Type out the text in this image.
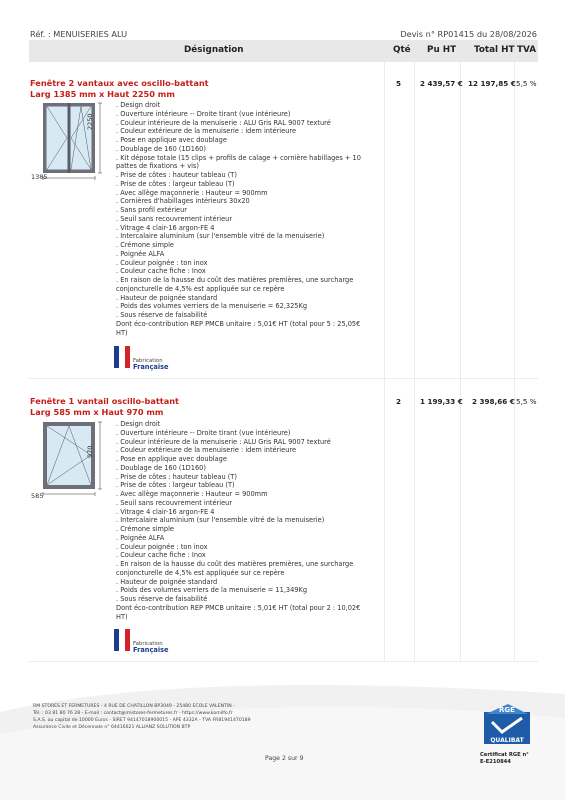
Réf. : MENUISERIES ALU	Devis n° RP01415 du 28/08/2026
Désignation	Qté Pu HT Total HT TVA
Fenêtre 2 vantaux avec oscillo-battant
Larg 1385 mm x Haut 2250 mm
5	2 439,57 € 12 197,85 € 5,5 %
1385
2250
. Design droit
. Ouverture intérieure -- Droite tirant (vue intérieure)
. Couleur intérieure de la menuiserie : ALU Gris RAL 9007 texturé
. Couleur extérieure de la menuiserie : idem intérieure
. Pose en applique avec doublage
. Doublage de 160 (1D160)
. Kit dépose totale (15 clips + profils de calage + cornière habillages + 10
pattes de fixations + vis)
. Prise de côtes : hauteur tableau (T)
. Prise de côtes : largeur tableau (T)
. Avec allège maçonnerie : Hauteur = 900mm
. Cornières d'habillages intérieurs 30x20
. Sans profil extérieur
. Seuil sans recouvrement intérieur
. Vitrage 4 clair-16 argon-FE 4
. Intercalaire aluminium (sur l'ensemble vitré de la menuiserie)
. Crémone simple
. Poignée ALFA
. Couleur poignée : ton inox
. Couleur cache fiche : Inox
. En raison de la hausse du coût des matières premières, une surcharge
conjoncturelle de 4,5% est appliquée sur ce repère
. Hauteur de poignée standard
. Poids des volumes verriers de la menuiserie = 62,325Kg
. Sous réserve de faisabilité
Dont éco-contribution REP PMCB unitaire : 5,01€ HT (total pour 5 : 25,05€
HT)
Fabrication
Française
Fenêtre 1 vantail oscillo-battant
Larg 585 mm x Haut 970 mm
2	1 199,33 € 2 398,66 € 5,5 %
585
970
. Design droit
. Ouverture intérieure -- Droite tirant (vue intérieure)
. Couleur intérieure de la menuiserie : ALU Gris RAL 9007 texturé
. Couleur extérieure de la menuiserie : idem intérieure
. Pose en applique avec doublage
. Doublage de 160 (1D160)
. Prise de côtes : hauteur tableau (T)
. Prise de côtes : largeur tableau (T)
. Avec allège maçonnerie : Hauteur = 900mm
. Seuil sans recouvrement intérieur
. Vitrage 4 clair-16 argon-FE 4
. Intercalaire aluminium (sur l'ensemble vitré de la menuiserie)
. Crémone simple
. Poignée ALFA
. Couleur poignée : ton inox
. Couleur cache fiche : Inox
. En raison de la hausse du coût des matières premières, une surcharge
conjoncturelle de 4,5% est appliquée sur ce repère
. Hauteur de poignée standard
. Poids des volumes verriers de la menuiserie = 11,349Kg
. Sous réserve de faisabilité
Dont éco-contribution REP PMCB unitaire : 5,01€ HT (total pour 2 : 10,02€
HT)
Fabrication
Française
RM STORES ET FERMETURES - 4 RUE DE CHATILLON BP3049 - 25480 ECOLE VALENTIN -
Tél. : 03 81 80 76 28 - E-mail : contact@rmstores-fermetures.fr - https://www.komilfo.fr
S.A.S. au capital de 10000 Euros - SIRET 94147018900015 - APE 4332A - TVA FR81941470189
Assurance Civile et Décennale n° 64416621 ALLIANZ SOLUTION BTP
Page 2 sur 9
RGE
QUALIBAT
Certificat RGE n°
E-E210844
